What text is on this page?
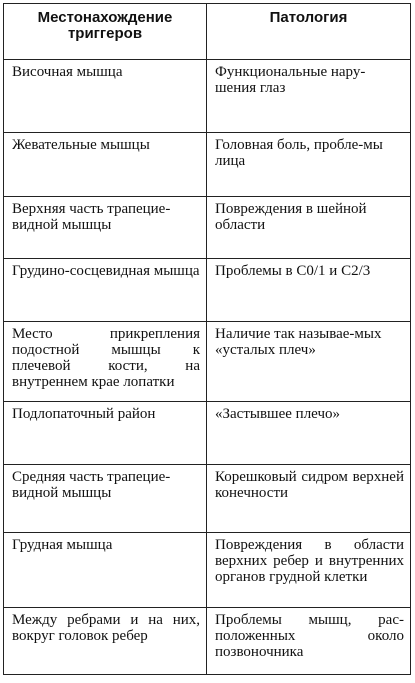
Местонахождение триггеров	Патология
Височная мышца	Функциональные нару-шения глаз
Жевательные мышцы	Головная боль, пробле-мы лица
Верхняя часть трапецие-видной мышцы	Повреждения в шейной области
Грудино-сосцевидная мышца	Проблемы в С0/1 и С2/3
Место прикрепления подостной мышцы к плечевой кости, на внутреннем крае лопатки	Наличие так называе-мых «усталых плеч»
Подлопаточный район	«Застывшее плечо»
Средняя часть трапецие-видной мышцы	Корешковый сидром верхней конечности
Грудная мышца	Повреждения в области верхних ребер и внутренних органов грудной клетки
Между ребрами и на них, вокруг головок ребер	Проблемы мышц, рас-положенных около позвоночника
